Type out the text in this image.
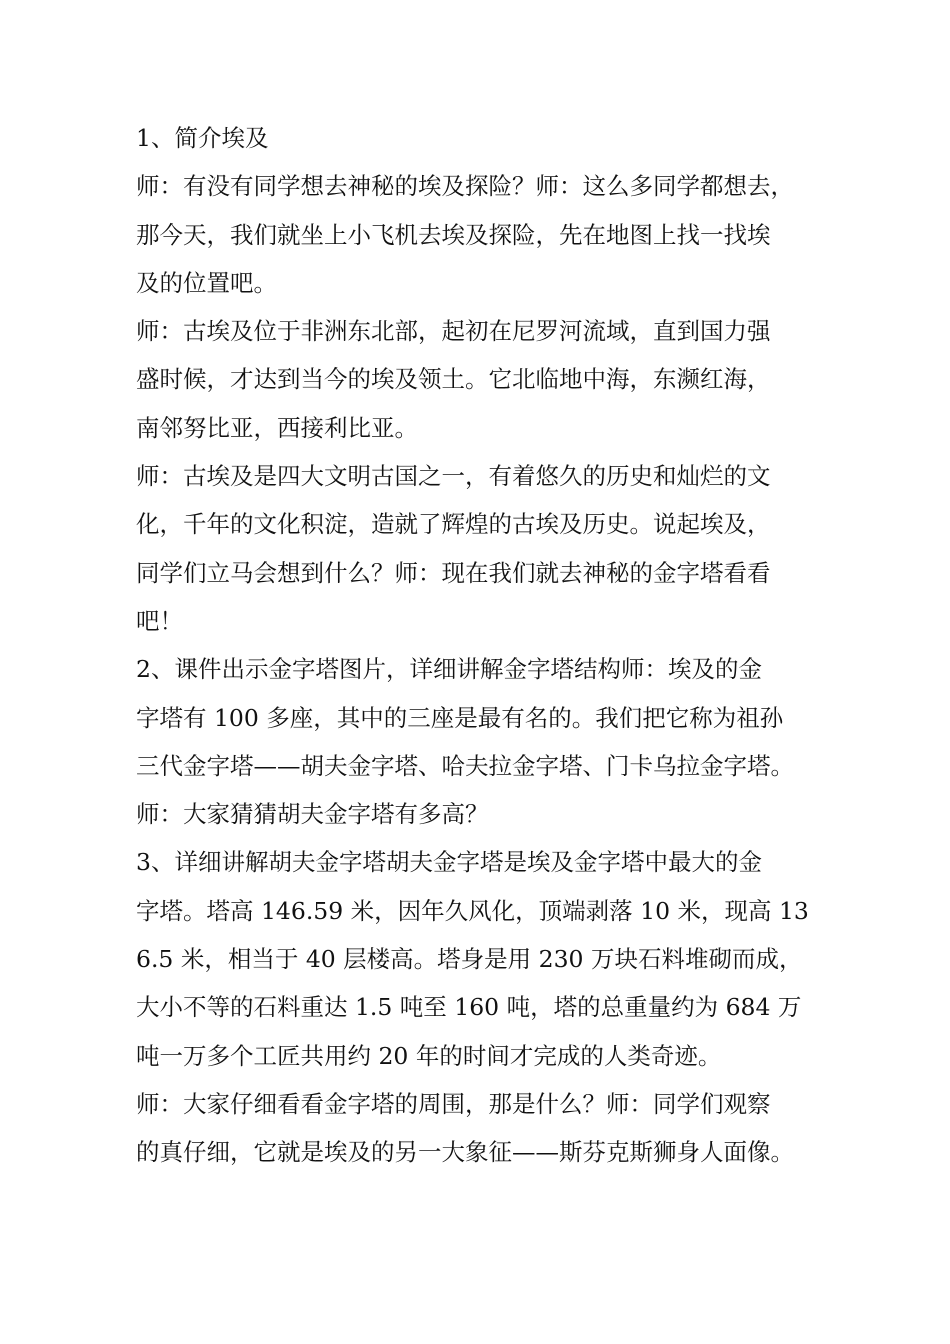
1、简介埃及
师：有没有同学想去神秘的埃及探险？师：这么多同学都想去，
那今天，我们就坐上小飞机去埃及探险，先在地图上找一找埃
及的位置吧。
师：古埃及位于非洲东北部，起初在尼罗河流域，直到国力强
盛时候，才达到当今的埃及领土。它北临地中海，东濒红海，
南邻努比亚，西接利比亚。
师：古埃及是四大文明古国之一，有着悠久的历史和灿烂的文
化，千年的文化积淀，造就了辉煌的古埃及历史。说起埃及，
同学们立马会想到什么？师：现在我们就去神秘的金字塔看看
吧！
2、课件出示金字塔图片，详细讲解金字塔结构师：埃及的金
字塔有 100 多座，其中的三座是最有名的。我们把它称为祖孙
三代金字塔——胡夫金字塔、哈夫拉金字塔、门卡乌拉金字塔。
师：大家猜猜胡夫金字塔有多高？
3、详细讲解胡夫金字塔胡夫金字塔是埃及金字塔中最大的金
字塔。塔高 146.59 米，因年久风化，顶端剥落 10 米，现高 13
6.5 米，相当于 40 层楼高。塔身是用 230 万块石料堆砌而成，
大小不等的石料重达 1.5 吨至 160 吨，塔的总重量约为 684 万
吨一万多个工匠共用约 20 年的时间才完成的人类奇迹。
师：大家仔细看看金字塔的周围，那是什么？师：同学们观察
的真仔细，它就是埃及的另一大象征——斯芬克斯狮身人面像。
